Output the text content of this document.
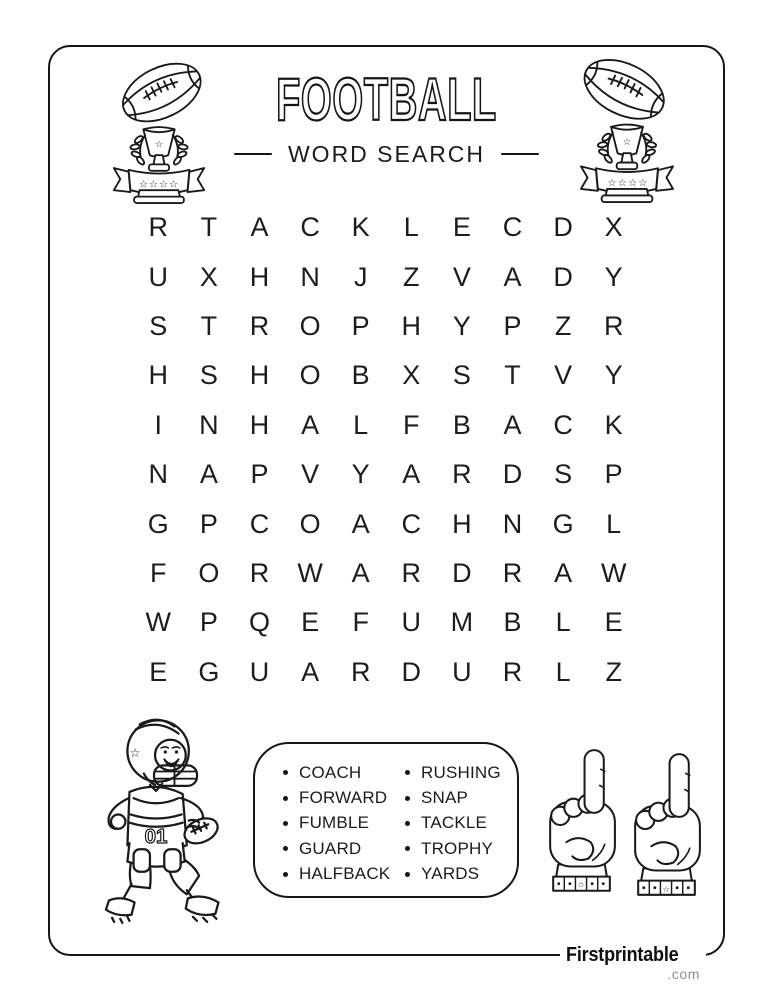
☆☆☆☆
☆
FOOTBALL
WORD SEARCH
☆☆☆☆
☆
R	T	A	C	K	L	E	C	D	X
U	X	H	N	J	Z	V	A	D	Y
S	T	R	O	P	H	Y	P	Z	R
H	S	H	O	B	X	S	T	V	Y
I	N	H	A	L	F	B	A	C	K
N	A	P	V	Y	A	R	D	S	P
G	P	C	O	A	C	H	N	G	L
F	O	R	W	A	R	D	R	A	W
W	P	Q	E	F	U	M	B	L	E
E	G	U	A	R	D	U	R	L	Z
☆
01
COACH
FORWARD
FUMBLE
GUARD
HALFBACK
RUSHING
SNAP
TACKLE
TROPHY
YARDS
☆	☆
Firstprintable
.com
